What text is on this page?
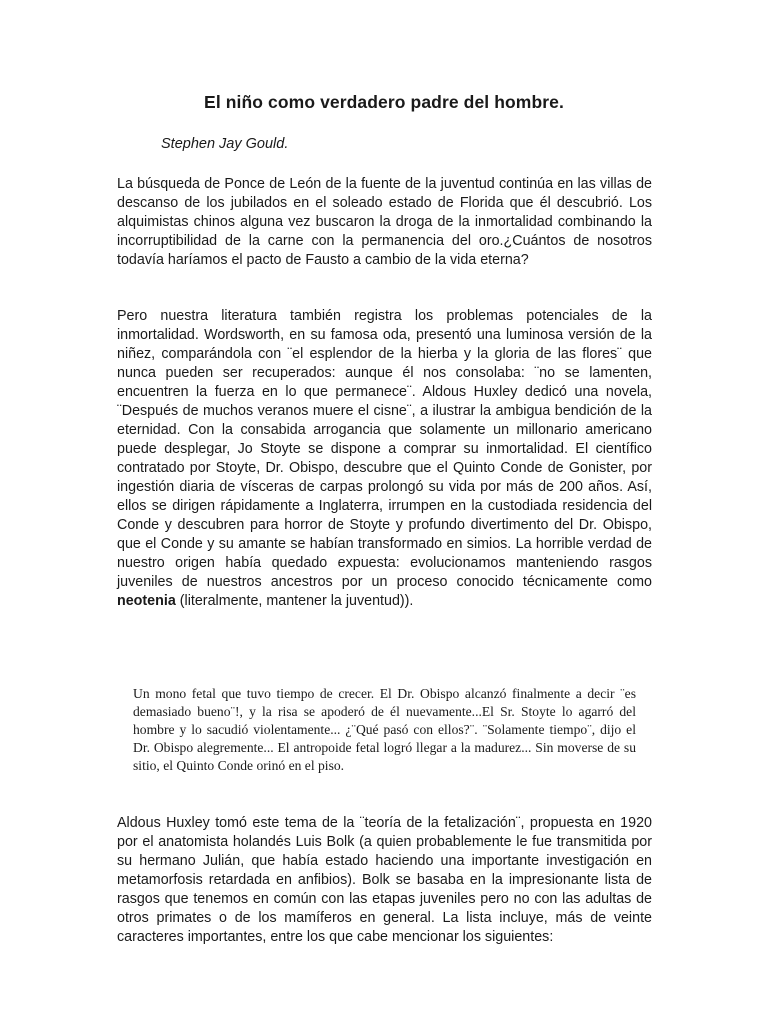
El niño como verdadero padre del hombre.
Stephen Jay Gould.

La búsqueda de Ponce de León de la fuente de la juventud continúa en las villas de descanso de los jubilados en el soleado estado de Florida que él descubrió. Los alquimistas chinos alguna vez buscaron la droga de la inmortalidad combinando la incorruptibilidad de la carne con la permanencia del oro.¿Cuántos de nosotros todavía haríamos el pacto de Fausto a cambio de la vida eterna?

Pero nuestra literatura también registra los problemas potenciales de la inmortalidad. Wordsworth, en su famosa oda, presentó una luminosa versión de la niñez, comparándola con ¨el esplendor de la hierba y la gloria de las flores¨ que nunca pueden ser recuperados: aunque él nos consolaba: ¨no se lamenten, encuentren la fuerza en lo que permanece¨. Aldous Huxley dedicó una novela, ¨Después de muchos veranos muere el cisne¨, a ilustrar la ambigua bendición de la eternidad. Con la consabida arrogancia que solamente un millonario americano puede desplegar, Jo Stoyte se dispone a comprar su inmortalidad. El científico contratado por Stoyte, Dr. Obispo, descubre que el Quinto Conde de Gonister, por ingestión diaria de vísceras de carpas prolongó su vida por más de 200 años. Así, ellos se dirigen rápidamente a Inglaterra, irrumpen en la custodiada residencia del Conde y descubren para horror de Stoyte y profundo divertimento del Dr. Obispo, que el Conde y su amante se habían transformado en simios. La horrible verdad de nuestro origen había quedado expuesta: evolucionamos manteniendo rasgos juveniles de nuestros ancestros por un proceso conocido técnicamente como neotenia (literalmente, mantener la juventud)).

Un mono fetal que tuvo tiempo de crecer. El Dr. Obispo alcanzó finalmente a decir ¨es demasiado bueno¨!, y la risa se apoderó de él nuevamente...El Sr. Stoyte lo agarró del hombre y lo sacudió violentamente... ¿¨Qué pasó con ellos?¨. ¨Solamente tiempo¨, dijo el Dr. Obispo alegremente... El antropoide fetal logró llegar a la madurez... Sin moverse de su sitio, el Quinto Conde orinó en el piso.

Aldous Huxley tomó este tema de la ¨teoría de la fetalización¨, propuesta en 1920 por el anatomista holandés Luis Bolk (a quien probablemente le fue transmitida por su hermano Julián, que había estado haciendo una importante investigación en metamorfosis retardada en anfibios). Bolk se basaba en la impresionante lista de rasgos que tenemos en común con las etapas juveniles pero no con las adultas de otros primates o de los mamíferos en general. La lista incluye, más de veinte caracteres importantes, entre los que cabe mencionar los siguientes:
